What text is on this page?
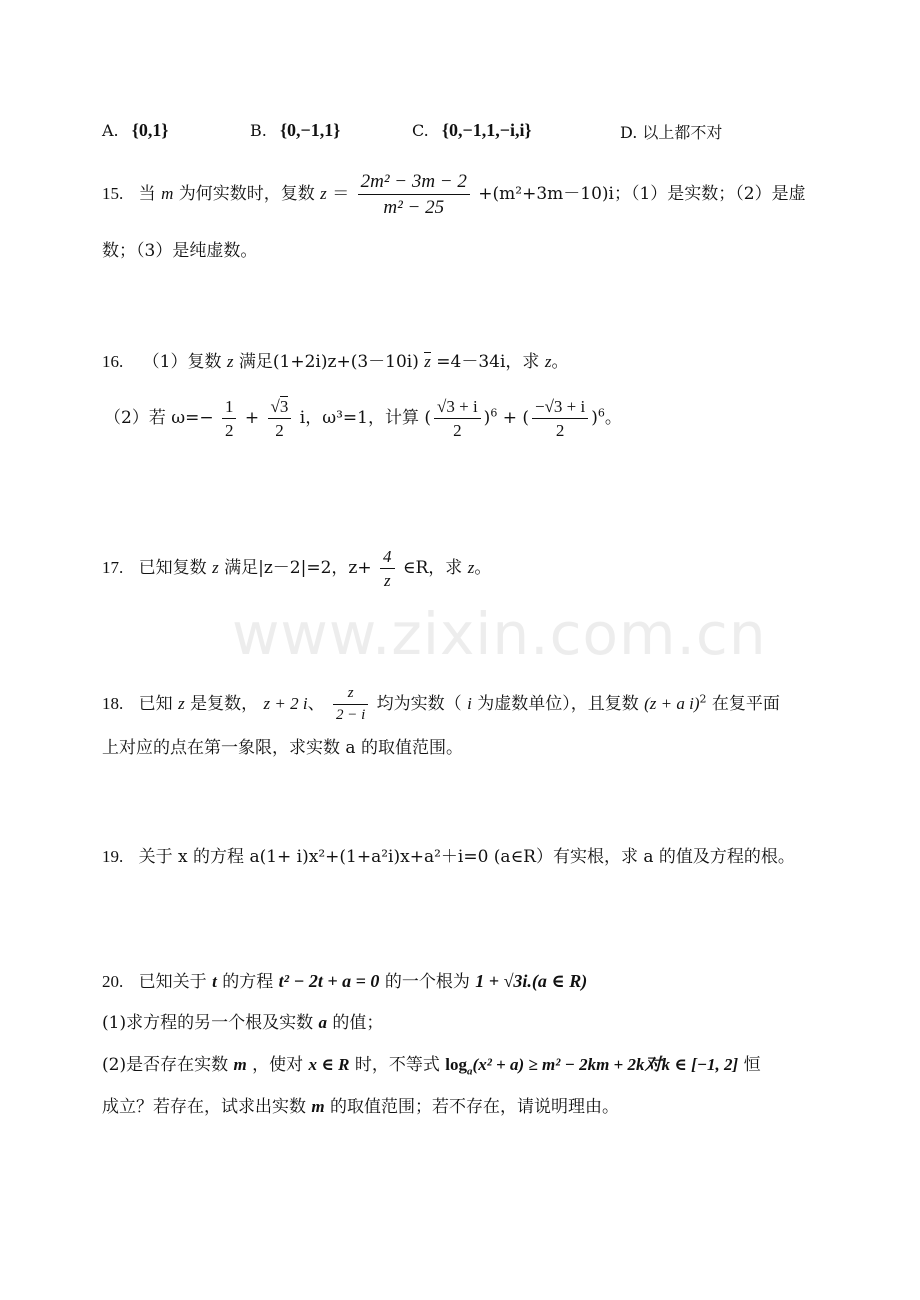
www.zixin.com.cn
A. {0,1}	B. {0,−1,1}	C. {0,−1,1,−i,i}	D. 以上都不对
15. 当 m 为何实数时，复数 $z = \frac{\text{2m² − 3m − 2}}{\text{m² − 25}} +(m^2+3m-10)i$；（1）是实数；（2）是虚
数；（3）是纯虚数。
16. （1）复数 z 满足(1+2i)z+(3－10i) z =4－34i，求 z。
（2）若 $\omega=- \frac{1}{2} + \frac{√3}{2}$ i，ω³=1，计算 ( $\frac{√3 + i}{2} )^6$ + ( $\frac{-√3 + i}{2} )^6$。
17. 已知复数 z 满足|z－2|=2，$z+ \frac{4}{z}$ ∈R，求 z。
18. 已知 z 是复数， z + 2 i、 $\frac{z}{2 - i}$ 均为实数（ i 为虚数单位），且复数 (z + a i)$^2$ 在复平面
上对应的点在第一象限，求实数 a 的取值范围。
19. 关于 x 的方程 a(1+ i)x²+(1+a²i)x+a²＋i=0 (a∈R）有实根，求 a 的值及方程的根。
20. 已知关于 t 的方程 t² − 2t + a = 0 的一个根为 1 + √3i.(a ∈ R)
(1)求方程的另一个根及实数 a 的值；
(2)是否存在实数 m ，使对 x ∈ R 时，不等式 $\log_a(x^2 + a) \ge m^2 - 2km + 2k$对k ∈ [−1, 2] 恒
成立？若存在，试求出实数 m 的取值范围；若不存在，请说明理由。
